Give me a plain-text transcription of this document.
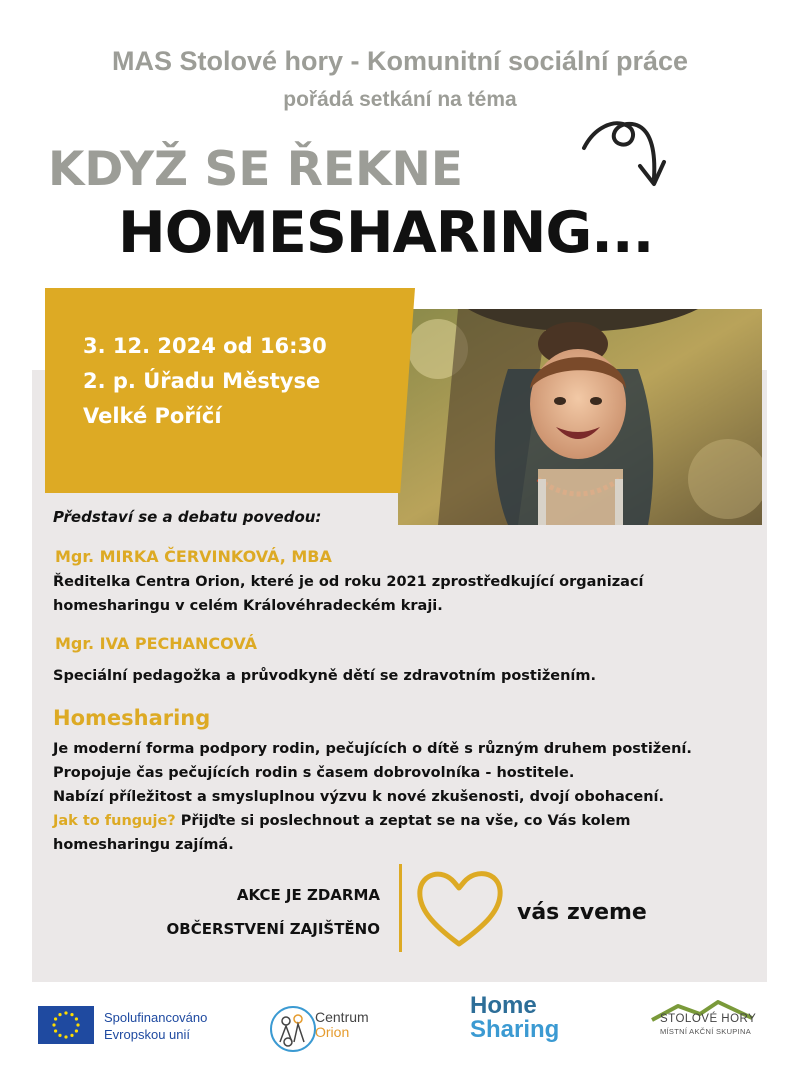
MAS Stolové hory - Komunitní sociální práce
pořádá setkání na téma
KDYŽ SE ŘEKNE
HOMESHARING...
3. 12. 2024 od 16:30
2. p. Úřadu Městyse
Velké Poříčí
Představí se a debatu povedou:
Mgr. MIRKA ČERVINKOVÁ, MBA
Ředitelka Centra Orion, které je od roku 2021 zprostředkující organizací
homesharingu v celém Královéhradeckém kraji.
Mgr. IVA PECHANCOVÁ
Speciální pedagožka a průvodkyně dětí se zdravotním postižením.
Homesharing
Je moderní forma podpory rodin, pečujících o dítě s různým druhem postižení.
Propojuje čas pečujících rodin s časem dobrovolníka - hostitele.
Nabízí příležitost a smysluplnou výzvu k nové zkušenosti, dvojí obohacení.
Jak to funguje? Přijďte si poslechnout a zeptat se na vše, co Vás kolem
homesharingu zajímá.
AKCE JE ZDARMA
OBČERSTVENÍ ZAJIŠTĚNO
vás zveme
Spolufinancováno
Evropskou unií
Centrum
Orion
Home
Sharing	STOLOVÉ HORY
MÍSTNÍ AKČNÍ SKUPINA
